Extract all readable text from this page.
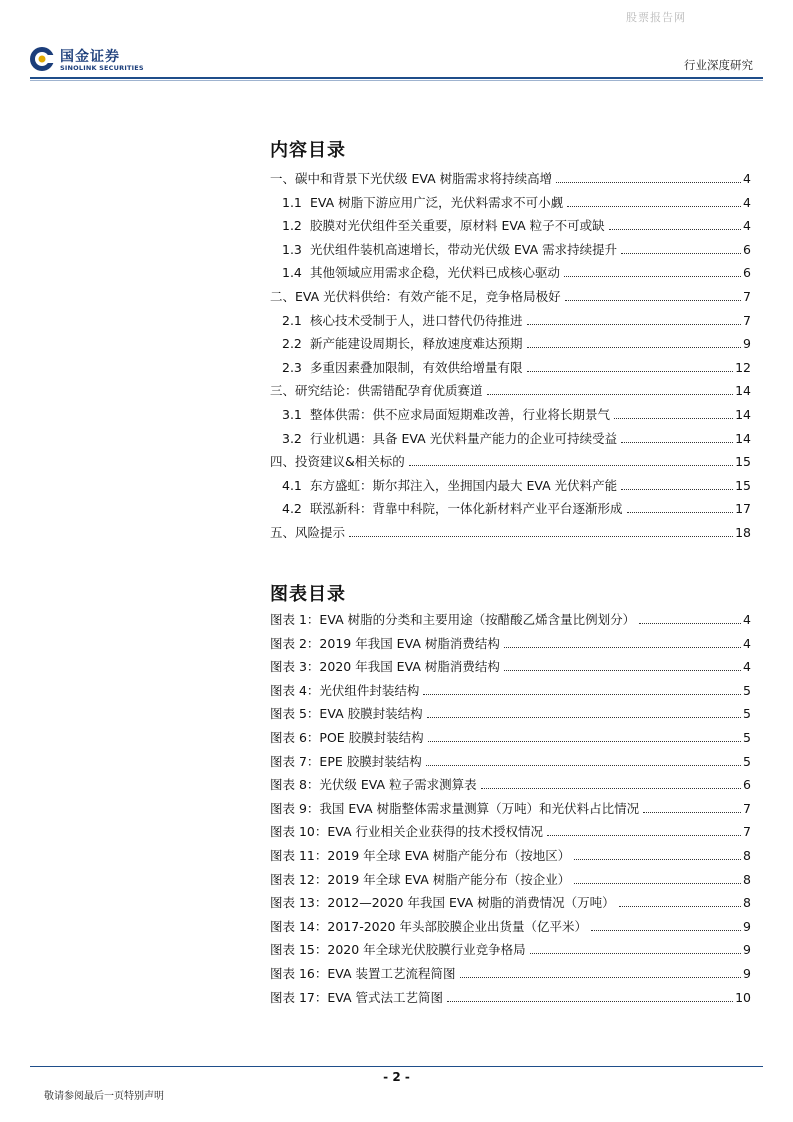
股票报告网
国金证券
SINOLINK SECURITIES	行业深度研究
内容目录
一、碳中和背景下光伏级 EVA 树脂需求将持续高增	4
1.1 EVA 树脂下游应用广泛，光伏料需求不可小觑	4
1.2 胶膜对光伏组件至关重要，原材料 EVA 粒子不可或缺	4
1.3 光伏组件装机高速增长，带动光伏级 EVA 需求持续提升	6
1.4 其他领域应用需求企稳，光伏料已成核心驱动	6
二、EVA 光伏料供给：有效产能不足，竞争格局极好	7
2.1 核心技术受制于人，进口替代仍待推进	7
2.2 新产能建设周期长，释放速度难达预期	9
2.3 多重因素叠加限制，有效供给增量有限	12
三、研究结论：供需错配孕育优质赛道	14
3.1 整体供需：供不应求局面短期难改善，行业将长期景气	14
3.2 行业机遇：具备 EVA 光伏料量产能力的企业可持续受益	14
四、投资建议&相关标的	15
4.1 东方盛虹：斯尔邦注入，坐拥国内最大 EVA 光伏料产能	15
4.2 联泓新科：背靠中科院，一体化新材料产业平台逐渐形成	17
五、风险提示	18
图表目录
图表 1：EVA 树脂的分类和主要用途（按醋酸乙烯含量比例划分）	4
图表 2：2019 年我国 EVA 树脂消费结构	4
图表 3：2020 年我国 EVA 树脂消费结构	4
图表 4：光伏组件封装结构	5
图表 5：EVA 胶膜封装结构	5
图表 6：POE 胶膜封装结构	5
图表 7：EPE 胶膜封装结构	5
图表 8：光伏级 EVA 粒子需求测算表	6
图表 9：我国 EVA 树脂整体需求量测算（万吨）和光伏料占比情况	7
图表 10：EVA 行业相关企业获得的技术授权情况	7
图表 11：2019 年全球 EVA 树脂产能分布（按地区）	8
图表 12：2019 年全球 EVA 树脂产能分布（按企业）	8
图表 13：2012—2020 年我国 EVA 树脂的消费情况（万吨）	8
图表 14：2017-2020 年头部胶膜企业出货量（亿平米）	9
图表 15：2020 年全球光伏胶膜行业竞争格局	9
图表 16：EVA 装置工艺流程简图	9
图表 17：EVA 管式法工艺简图	10
- 2 -
敬请参阅最后一页特别声明
